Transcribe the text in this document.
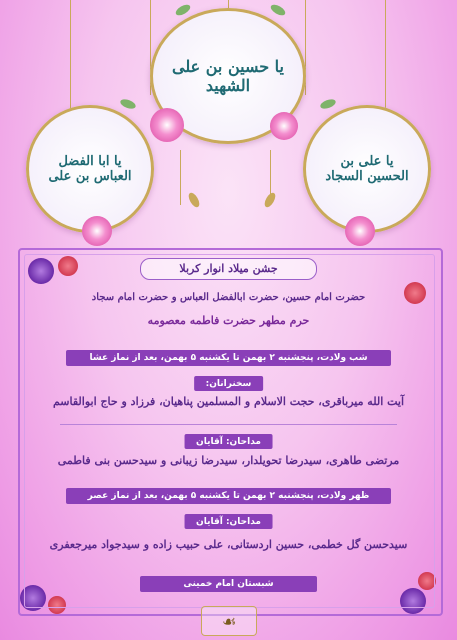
یا حسین بن علی الشهید
یا ابا الفضل العباس بن علی
یا علی بن الحسین السجاد
جشن میلاد انوار کربلا
حضرت امام حسین، حضرت ابالفضل العباس و حضرت امام سجاد
حرم مطهر حضرت فاطمه معصومه
شب ولادت، پنجشنبه ۲ بهمن تا یکشنبه ۵ بهمن، بعد از نماز عشا
سخنرانان:
آیت الله میرباقری، حجت الاسلام و المسلمین پناهیان، فرزاد و حاج ابوالقاسم
مداحان: آقایان
مرتضی طاهری، سیدرضا تحویلدار، سیدرضا زیبانی و سیدحسن بنی فاطمی
ظهر ولادت، پنجشنبه ۲ بهمن تا یکشنبه ۵ بهمن، بعد از نماز عصر
مداحان: آقایان
سیدحسن گل خطمی، حسین اردستانی، علی حبیب زاده و سیدجواد میرجعفری
شبستان امام خمینی
☙
